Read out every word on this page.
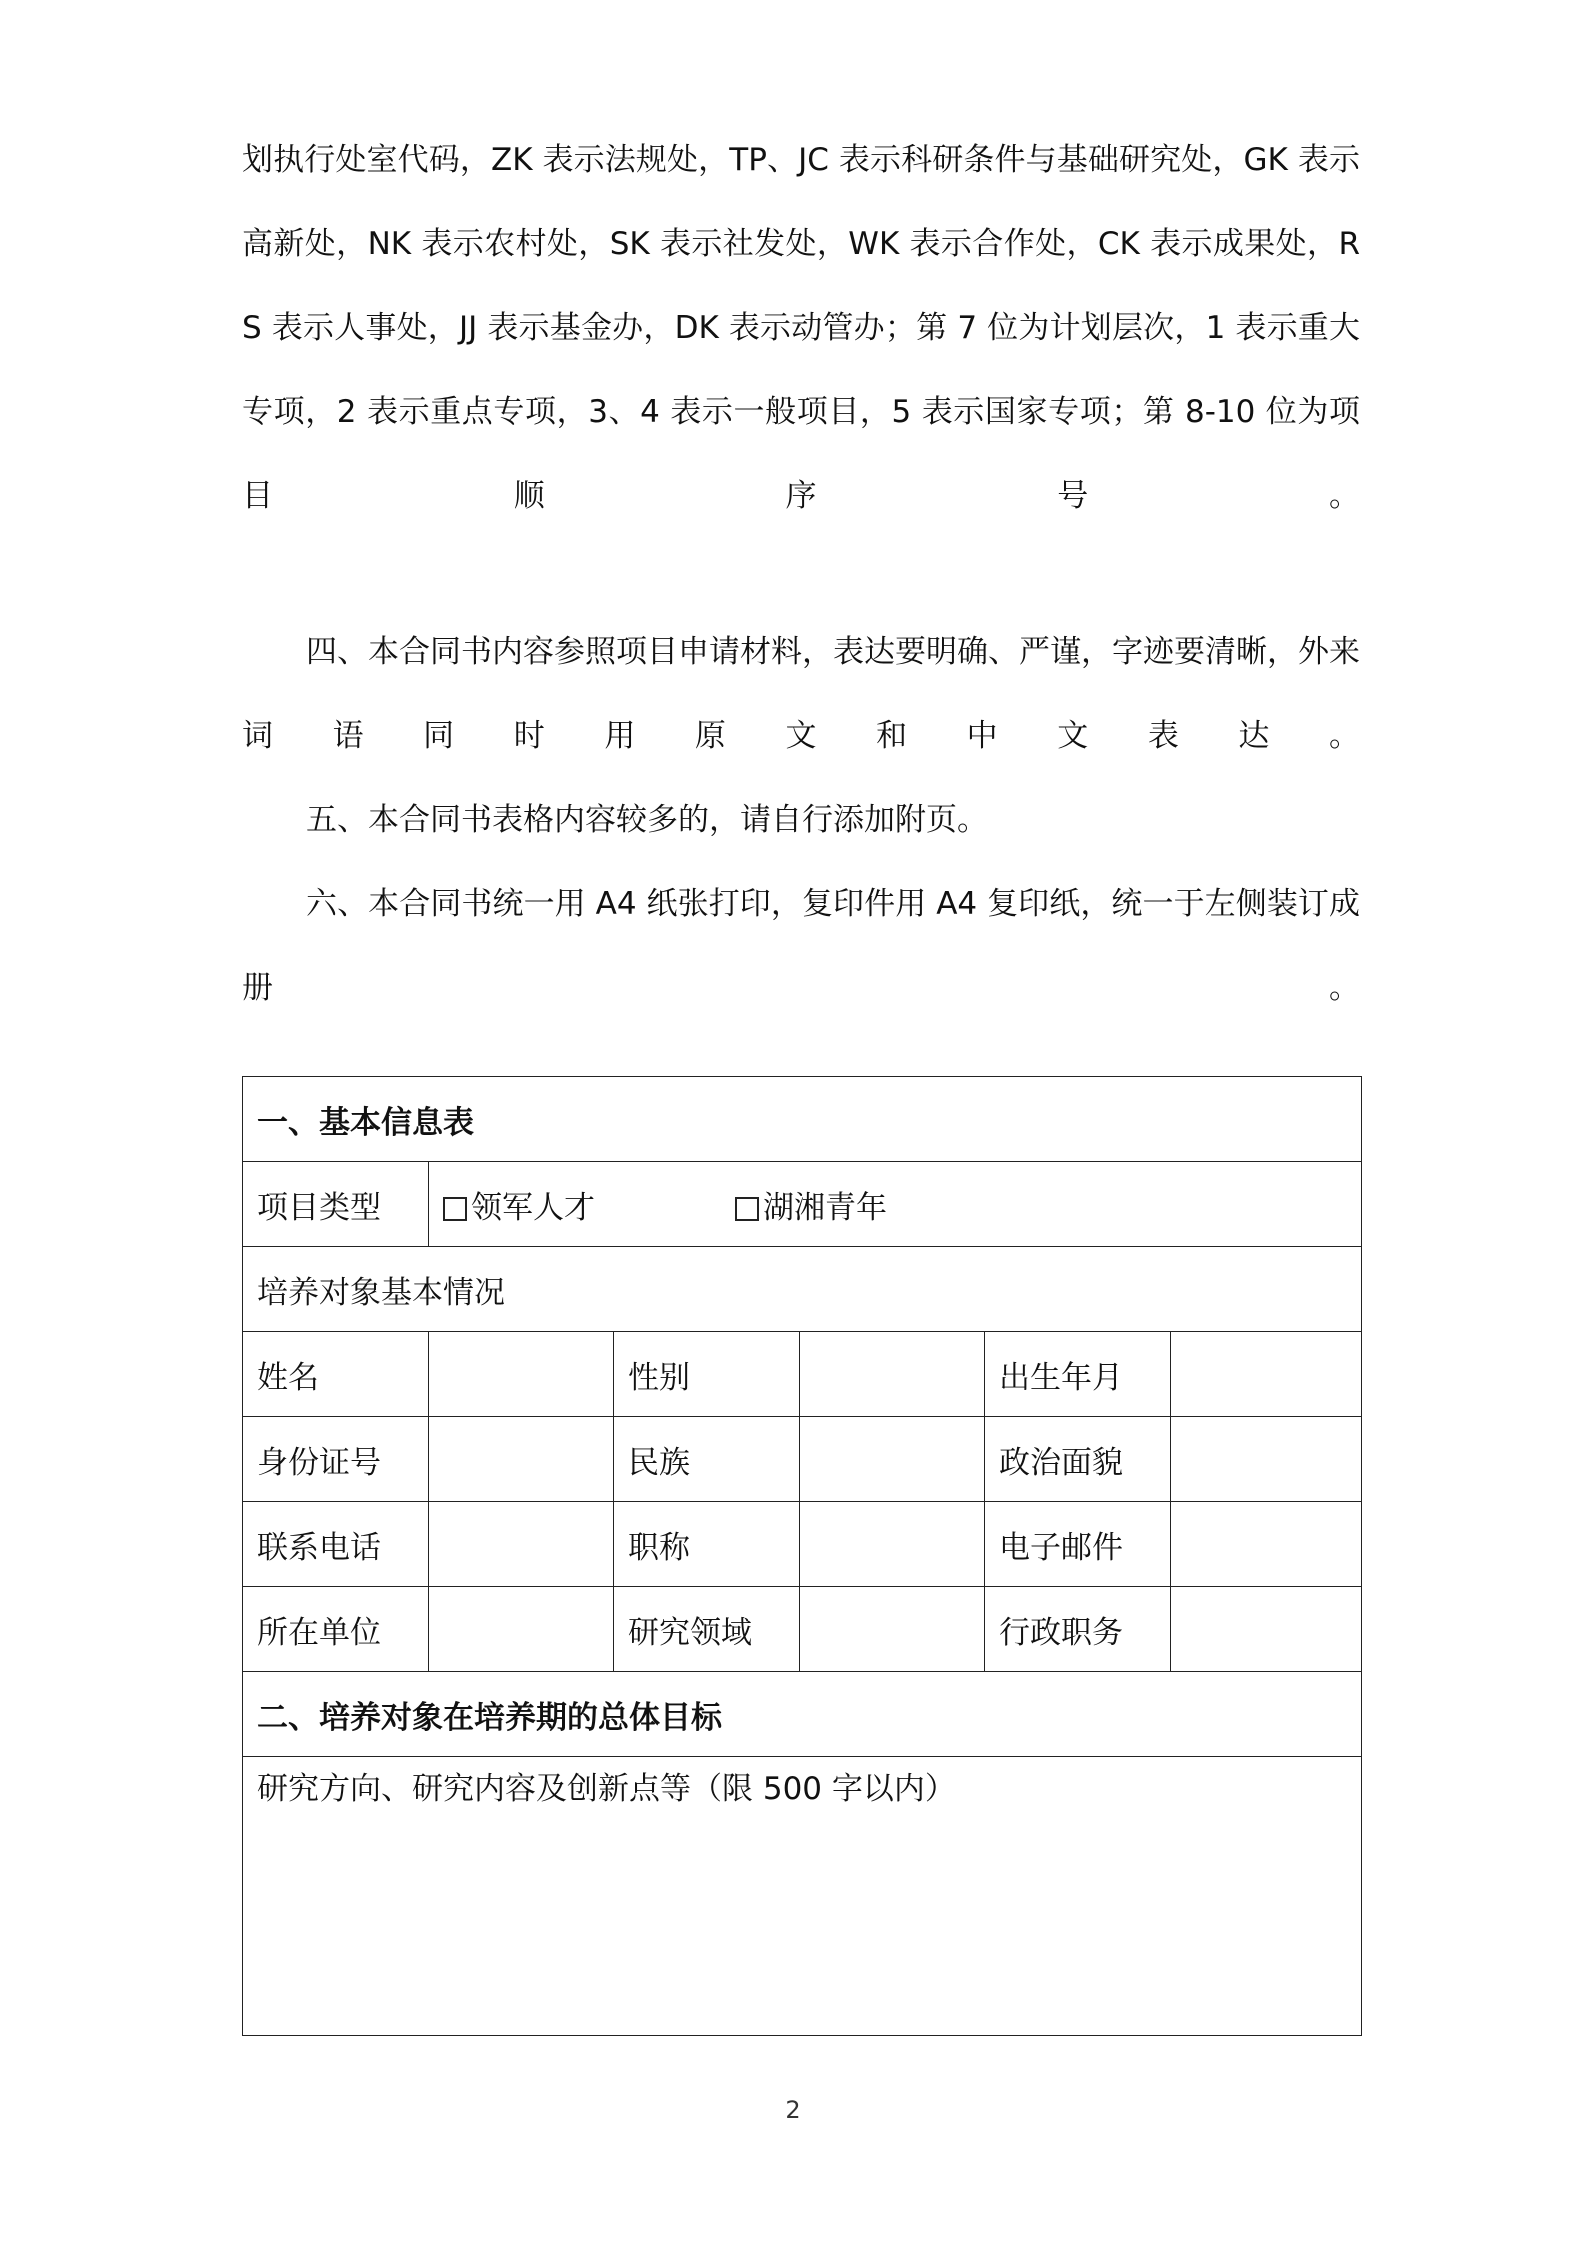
划执行处室代码，ZK 表示法规处，TP、JC 表示科研条件与基础研究处，GK 表示高新处，NK 表示农村处，SK 表示社发处，WK 表示合作处，CK 表示成果处，RS 表示人事处，JJ 表示基金办，DK 表示动管办；第 7 位为计划层次，1 表示重大专项，2 表示重点专项，3、4 表示一般项目，5 表示国家专项；第 8-10 位为项目顺序号。

四、本合同书内容参照项目申请材料，表达要明确、严谨，字迹要清晰，外来词语同时用原文和中文表达。

五、本合同书表格内容较多的，请自行添加附页。

六、本合同书统一用 A4 纸张打印，复印件用 A4 复印纸，统一于左侧装订成册。

一、基本信息表					
项目类型	领军人才 湖湘青年				
培养对象基本情况					
姓名		性别		出生年月	
身份证号		民族		政治面貌	
联系电话		职称		电子邮件	
所在单位		研究领域		行政职务	
二、培养对象在培养期的总体目标					
研究方向、研究内容及创新点等（限 500 字以内）					
2
